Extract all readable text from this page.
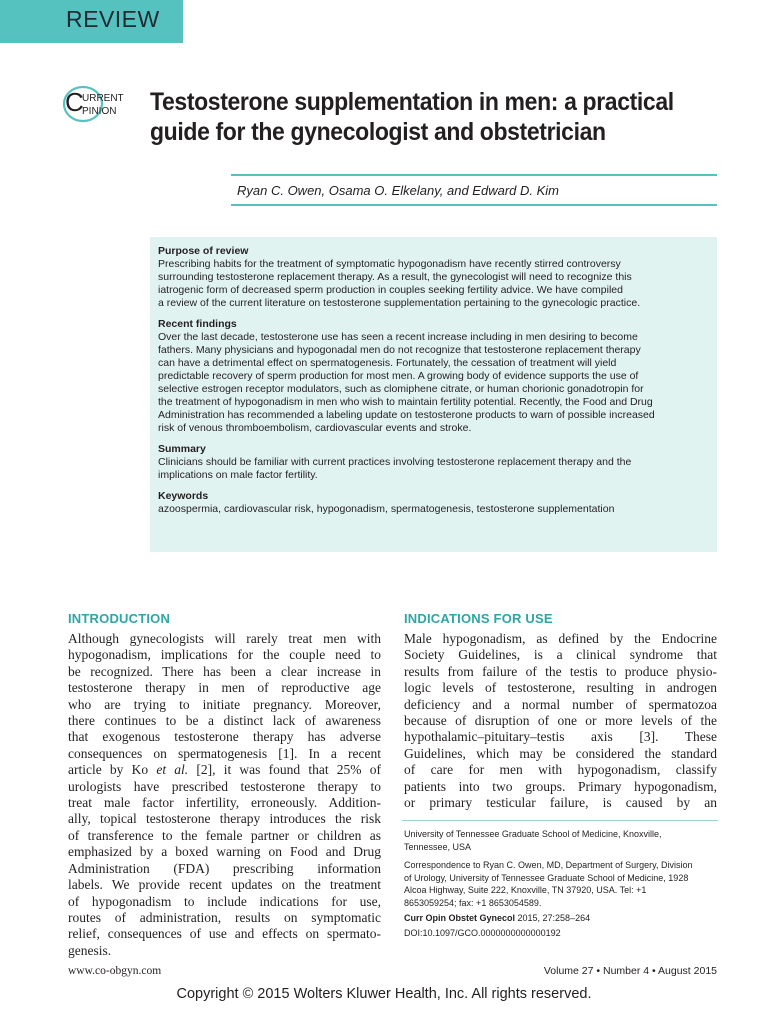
REVIEW
C
URRENT
PINION Testosterone supplementation in men: a practical
guide for the gynecologist and obstetrician
Ryan C. Owen, Osama O. Elkelany, and Edward D. Kim
Purpose of review

Prescribing habits for the treatment of symptomatic hypogonadism have recently stirred controversy
surrounding testosterone replacement therapy. As a result, the gynecologist will need to recognize this
iatrogenic form of decreased sperm production in couples seeking fertility advice. We have compiled
a review of the current literature on testosterone supplementation pertaining to the gynecologic practice.

Recent findings

Over the last decade, testosterone use has seen a recent increase including in men desiring to become
fathers. Many physicians and hypogonadal men do not recognize that testosterone replacement therapy
can have a detrimental effect on spermatogenesis. Fortunately, the cessation of treatment will yield
predictable recovery of sperm production for most men. A growing body of evidence supports the use of
selective estrogen receptor modulators, such as clomiphene citrate, or human chorionic gonadotropin for
the treatment of hypogonadism in men who wish to maintain fertility potential. Recently, the Food and Drug
Administration has recommended a labeling update on testosterone products to warn of possible increased
risk of venous thromboembolism, cardiovascular events and stroke.

Summary

Clinicians should be familiar with current practices involving testosterone replacement therapy and the
implications on male factor fertility.

Keywords

azoospermia, cardiovascular risk, hypogonadism, spermatogenesis, testosterone supplementation

INTRODUCTION
Although gynecologists will rarely treat men with
hypogonadism, implications for the couple need to
be recognized. There has been a clear increase in
testosterone therapy in men of reproductive age
who are trying to initiate pregnancy. Moreover,
there continues to be a distinct lack of awareness
that exogenous testosterone therapy has adverse
consequences on spermatogenesis [1]. In a recent
article by Ko et al. [2], it was found that 25% of
urologists have prescribed testosterone therapy to
treat male factor infertility, erroneously. Addition-
ally, topical testosterone therapy introduces the risk
of transference to the female partner or children as
emphasized by a boxed warning on Food and Drug
Administration (FDA) prescribing information
labels. We provide recent updates on the treatment
of hypogonadism to include indications for use,
routes of administration, results on symptomatic
relief, consequences of use and effects on spermato-
genesis.
INDICATIONS FOR USE
Male hypogonadism, as defined by the Endocrine
Society Guidelines, is a clinical syndrome that
results from failure of the testis to produce physio-
logic levels of testosterone, resulting in androgen
deficiency and a normal number of spermatozoa
because of disruption of one or more levels of the
hypothalamic–pituitary–testis axis [3]. These
Guidelines, which may be considered the standard
of care for men with hypogonadism, classify
patients into two groups. Primary hypogonadism,
or primary testicular failure, is caused by an
University of Tennessee Graduate School of Medicine, Knoxville,
Tennessee, USA
Correspondence to Ryan C. Owen, MD, Department of Surgery, Division
of Urology, University of Tennessee Graduate School of Medicine, 1928
Alcoa Highway, Suite 222, Knoxville, TN 37920, USA. Tel: +1
8653059254; fax: +1 8653054589.
Curr Opin Obstet Gynecol 2015, 27:258–264
DOI:10.1097/GCO.0000000000000192
www.co-obgyn.com	Volume 27 • Number 4 • August 2015
Copyright © 2015 Wolters Kluwer Health, Inc. All rights reserved.
